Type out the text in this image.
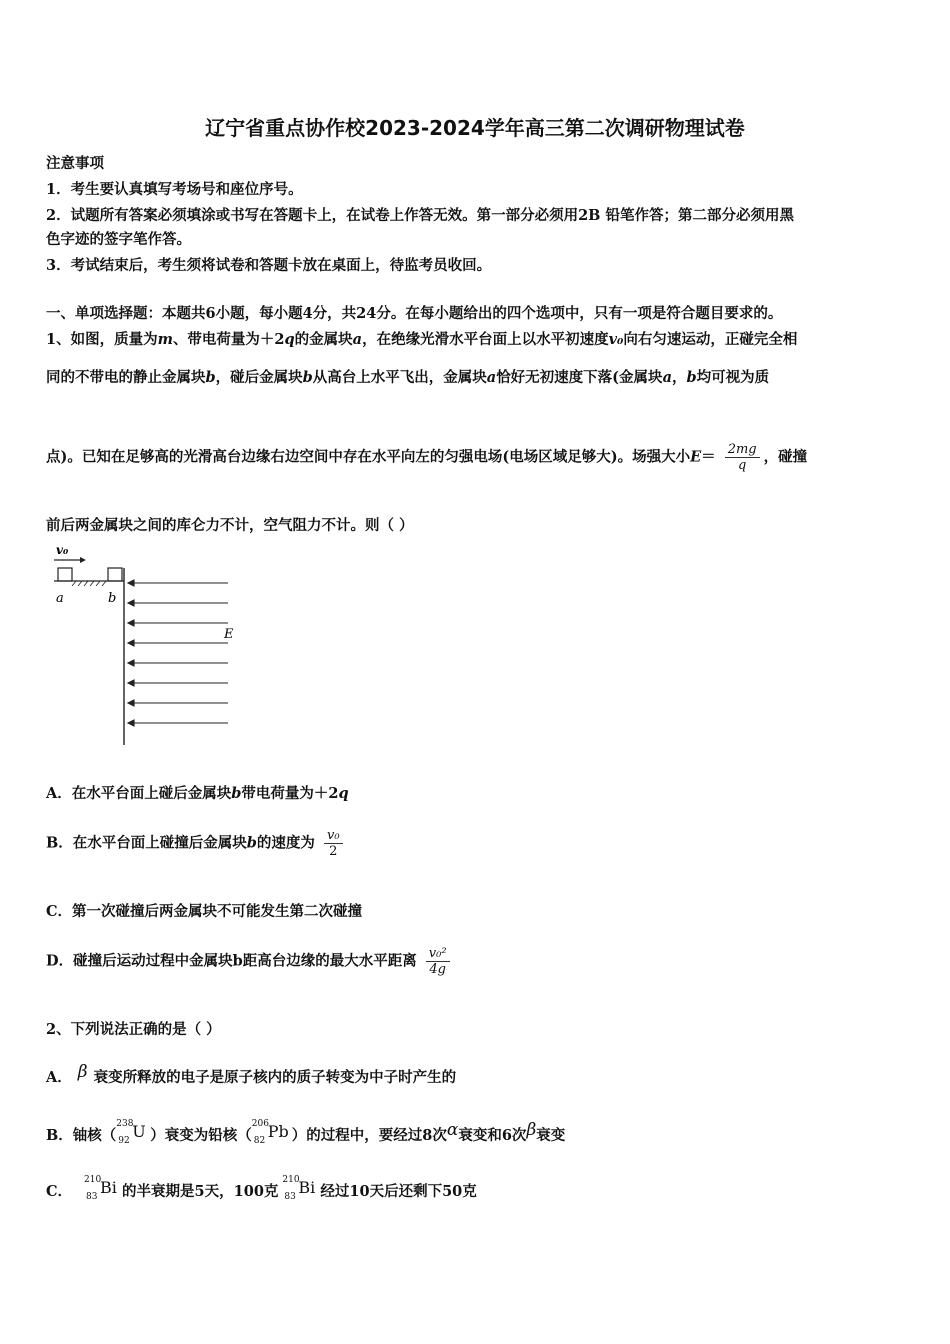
辽宁省重点协作校2023-2024学年高三第二次调研物理试卷
注意事项
1．考生要认真填写考场号和座位序号。
2．试题所有答案必须填涂或书写在答题卡上，在试卷上作答无效。第一部分必须用2B 铅笔作答；第二部分必须用黑
色字迹的签字笔作答。
3．考试结束后，考生须将试卷和答题卡放在桌面上，待监考员收回。
一、单项选择题：本题共6小题，每小题4分，共24分。在每小题给出的四个选项中，只有一项是符合题目要求的。
1、如图，质量为m、带电荷量为＋2q的金属块a，在绝缘光滑水平台面上以水平初速度v₀向右匀速运动，正碰完全相
同的不带电的静止金属块b，碰后金属块b从高台上水平飞出，金属块a恰好无初速度下落(金属块a，b均可视为质
点)。已知在足够高的光滑高台边缘右边空间中存在水平向左的匀强电场(电场区域足够大)。场强大小$E= \frac{2mg}{q}$ ，碰撞
前后两金属块之间的库仑力不计，空气阻力不计。则（ ）
v₀
a	b
E
A．在水平台面上碰后金属块b带电荷量为＋2q
B．在水平台面上碰撞后金属块b的速度为 $\frac{\text{v₀}}{2}$
C．第一次碰撞后两金属块不可能发生第二次碰撞
D．碰撞后运动过程中金属块b距高台边缘的最大水平距离 $\frac{\text{v₀²}}{4g}$
2、下列说法正确的是（ ）
A． β 衰变所释放的电子是原子核内的质子转变为中子时产生的
B．铀核（
238
92 U ）衰变为铅核（
206
82 Pb ）的过程中，要经过8次α衰变和6次β衰变
C．
210
83 Bi 的半衰期是5天，100克
210
83 Bi 经过10天后还剩下50克
